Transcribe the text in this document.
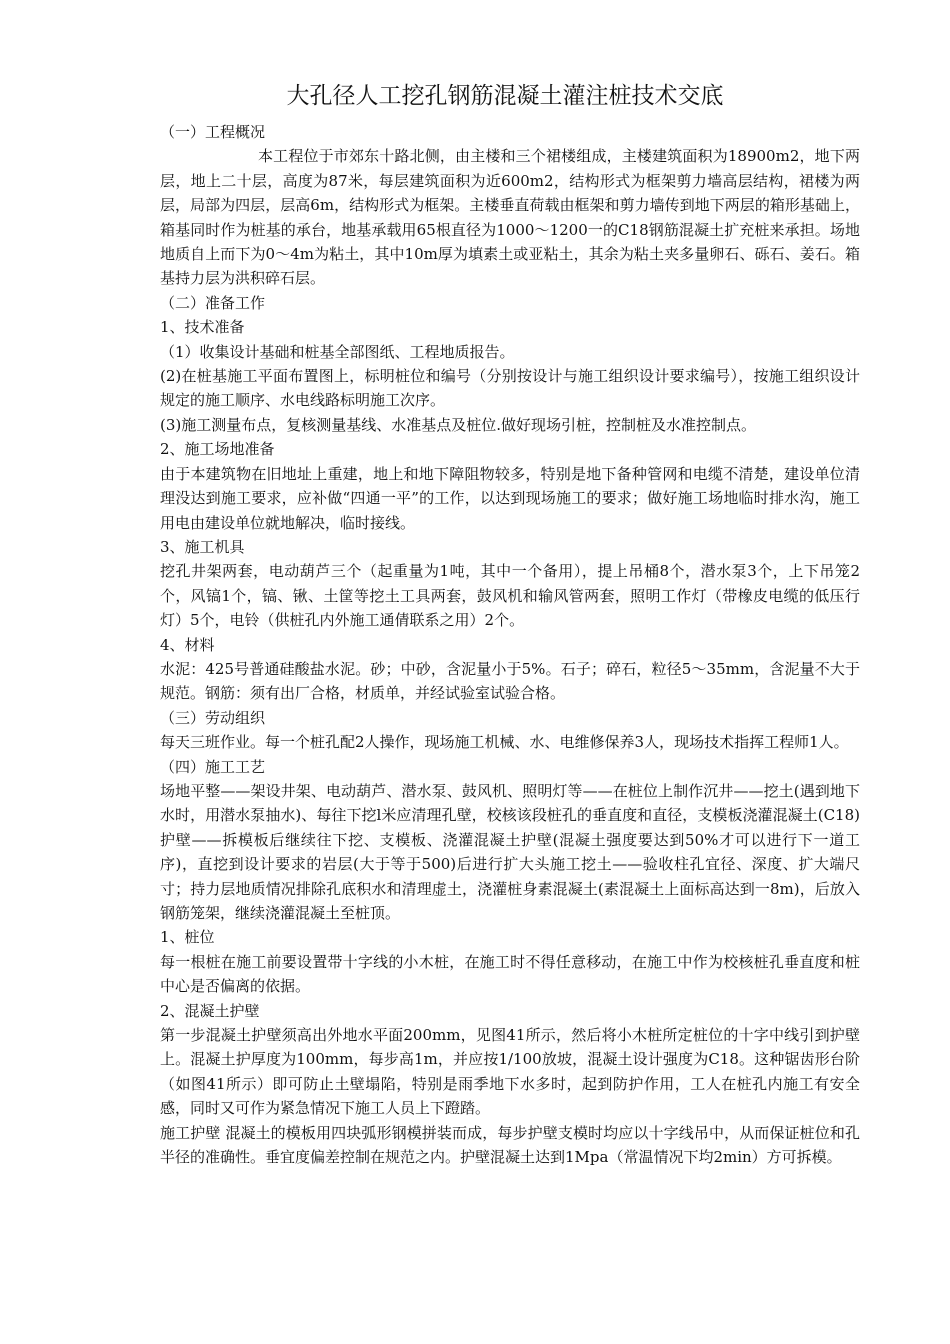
大孔径人工挖孔钢筋混凝土灌注桩技术交底

（一）工程概况

本工程位于市郊东十路北侧，由主楼和三个裙楼组成，主楼建筑面积为18900m2，地下两层，地上二十层，高度为87米，每层建筑面积为近600m2，结构形式为框架剪力墙高层结构，裙楼为两层，局部为四层，层高6m，结构形式为框架。主楼垂直荷载由框架和剪力墙传到地下两层的箱形基础上，箱基同时作为桩基的承台，地基承载用65根直径为1000～1200一的C18钢筋混凝土扩充桩来承担。场地地质自上而下为0～4m为粘土，其中10m厚为填素土或亚粘土，其余为粘土夹多量卵石、砾石、姜石。箱基持力层为洪积碎石层。

（二）准备工作

1、技术准备

（1）收集设计基础和桩基全部图纸、工程地质报告。

(2)在桩基施工平面布置图上，标明桩位和编号（分别按设计与施工组织设计要求编号），按施工组织设计规定的施工顺序、水电线路标明施工次序。

(3)施工测量布点，复核测量基线、水准基点及桩位.做好现场引桩，控制桩及水准控制点。

2、施工场地准备

由于本建筑物在旧地址上重建，地上和地下障阻物较多，特别是地下备种管网和电缆不清楚，建设单位清理没达到施工要求，应补做“四通一平”的工作，以达到现场施工的要求；做好施工场地临时排水沟，施工用电由建设单位就地解决，临时接线。

3、施工机具

挖孔井架两套，电动葫芦三个（起重量为1吨，其中一个备用），提上吊桶8个，潜水泵3个，上下吊笼2个，风镐1个，镐、锹、土筐等挖土工具两套，鼓风机和输风管两套，照明工作灯（带橡皮电缆的低压行灯）5个，电铃（供桩孔内外施工通倩联系之用）2个。

4、材料

水泥：425号普通硅酸盐水泥。砂；中砂，含泥量小于5%。石子；碎石，粒径5～35mm，含泥量不大于规范。钢筋：须有出厂合格，材质单，并经试验室试验合格。

（三）劳动组织

每天三班作业。每一个桩孔配2人操作，现场施工机械、水、电维修保养3人，现场技术指挥工程师1人。

（四）施工工艺

场地平整——架设井架、电动葫芦、潜水泵、鼓风机、照明灯等——在桩位上制作沉井——挖土(遇到地下水时，用潜水泵抽水)、每往下挖l米应清理孔壁，校核该段桩孔的垂直度和直径，支模板浇灌混凝土(C18)护壁——拆模板后继续往下挖、支模板、浇灌混凝土护壁(混凝土强度要达到50%才可以进行下一道工序)，直挖到设计要求的岩层(大于等于500)后进行扩大头施工挖土——验收柱孔宜径、深度、扩大端尺寸；持力层地质情况排除孔底积水和清理虚土，浇灌桩身素混凝土(素混凝土上面标高达到一8m)，后放入钢筋笼架，继续浇灌混凝土至桩顶。

1、桩位

每一根桩在施工前要设置带十字线的小木桩，在施工时不得任意移动，在施工中作为校核桩孔垂直度和桩中心是否偏离的依据。

2、混凝土护壁

第一步混凝土护壁须高出外地水平面200mm，见图41所示，然后将小木桩所定桩位的十字中线引到护壁上。混凝土护厚度为100mm，每步高1m，并应按1/100放坡，混凝土设计强度为C18。这种锯齿形台阶（如图41所示）即可防止土壁塌陷，特别是雨季地下水多时，起到防护作用，工人在桩孔内施工有安全感，同时又可作为紧急情况下施工人员上下蹬踏。

施工护壁 混凝土的模板用四块弧形钢模拼装而成，每步护壁支模时均应以十字线吊中，从而保证桩位和孔半径的准确性。垂宜度偏差控制在规范之内。护壁混凝土达到1Mpa（常温情况下均2min）方可拆模。
